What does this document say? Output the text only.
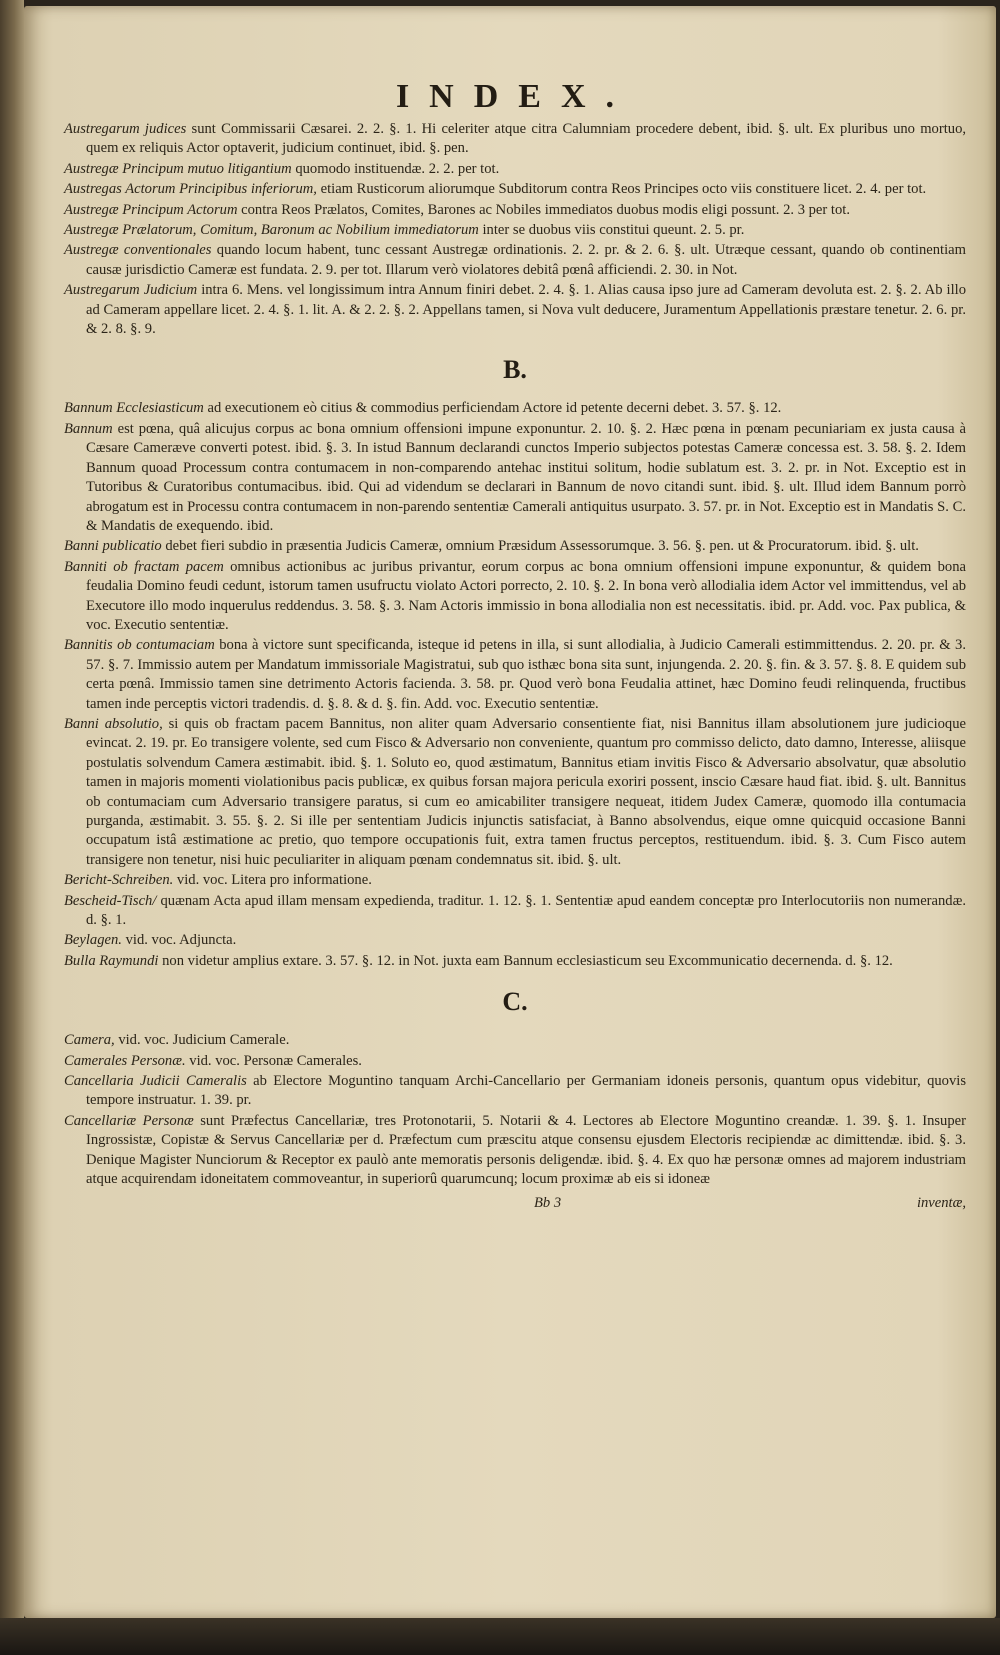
INDEX.

Austregarum judices sunt Commissarii Cæsarei. 2. 2. §. 1. Hi celeriter atque citra Calumniam procedere debent, ibid. §. ult. Ex pluribus uno mortuo, quem ex reliquis Actor optaverit, judicium continuet, ibid. §. pen.

Austregæ Principum mutuo litigantium quomodo instituendæ. 2. 2. per tot.

Austregas Actorum Principibus inferiorum, etiam Rusticorum aliorumque Subditorum contra Reos Principes octo viis constituere licet. 2. 4. per tot.

Austregæ Principum Actorum contra Reos Prælatos, Comites, Barones ac Nobiles immediatos duobus modis eligi possunt. 2. 3 per tot.

Austregæ Prælatorum, Comitum, Baronum ac Nobilium immediatorum inter se duobus viis constitui queunt. 2. 5. pr.

Austregæ conventionales quando locum habent, tunc cessant Austregæ ordinationis. 2. 2. pr. & 2. 6. §. ult. Utræque cessant, quando ob continentiam causæ jurisdictio Cameræ est fundata. 2. 9. per tot. Illarum verò violatores debitâ pœnâ afficiendi. 2. 30. in Not.

Austregarum Judicium intra 6. Mens. vel longissimum intra Annum finiri debet. 2. 4. §. 1. Alias causa ipso jure ad Cameram devoluta est. 2. §. 2. Ab illo ad Cameram appellare licet. 2. 4. §. 1. lit. A. & 2. 2. §. 2. Appellans tamen, si Nova vult deducere, Juramentum Appellationis præstare tenetur. 2. 6. pr. & 2. 8. §. 9.

B.

Bannum Ecclesiasticum ad executionem eò citius & commodius perficiendam Actore id petente decerni debet. 3. 57. §. 12.

Bannum est pœna, quâ alicujus corpus ac bona omnium offensioni impune exponuntur. 2. 10. §. 2. Hæc pœna in pœnam pecuniariam ex justa causa à Cæsare Cameræve converti potest. ibid. §. 3. In istud Bannum declarandi cunctos Imperio subjectos potestas Cameræ concessa est. 3. 58. §. 2. Idem Bannum quoad Processum contra contumacem in non-comparendo antehac institui solitum, hodie sublatum est. 3. 2. pr. in Not. Exceptio est in Tutoribus & Curatoribus contumacibus. ibid. Qui ad videndum se declarari in Bannum de novo citandi sunt. ibid. §. ult. Illud idem Bannum porrò abrogatum est in Processu contra contumacem in non-parendo sententiæ Camerali antiquitus usurpato. 3. 57. pr. in Not. Exceptio est in Mandatis S. C. & Mandatis de exequendo. ibid.

Banni publicatio debet fieri subdio in præsentia Judicis Cameræ, omnium Præsidum Assessorumque. 3. 56. §. pen. ut & Procuratorum. ibid. §. ult.

Banniti ob fractam pacem omnibus actionibus ac juribus privantur, eorum corpus ac bona omnium offensioni impune exponuntur, & quidem bona feudalia Domino feudi cedunt, istorum tamen usufructu violato Actori porrecto, 2. 10. §. 2. In bona verò allodialia idem Actor vel immittendus, vel ab Executore illo modo inquerulus reddendus. 3. 58. §. 3. Nam Actoris immissio in bona allodialia non est necessitatis. ibid. pr. Add. voc. Pax publica, & voc. Executio sententiæ.

Bannitis ob contumaciam bona à victore sunt specificanda, isteque id petens in illa, si sunt allodialia, à Judicio Camerali estimmittendus. 2. 20. pr. & 3. 57. §. 7. Immissio autem per Mandatum immissoriale Magistratui, sub quo isthæc bona sita sunt, injungenda. 2. 20. §. fin. & 3. 57. §. 8. E quidem sub certa pœnâ. Immissio tamen sine detrimento Actoris facienda. 3. 58. pr. Quod verò bona Feudalia attinet, hæc Domino feudi relinquenda, fructibus tamen inde perceptis victori tradendis. d. §. 8. & d. §. fin. Add. voc. Executio sententiæ.

Banni absolutio, si quis ob fractam pacem Bannitus, non aliter quam Adversario consentiente fiat, nisi Bannitus illam absolutionem jure judicioque evincat. 2. 19. pr. Eo transigere volente, sed cum Fisco & Adversario non conveniente, quantum pro commisso delicto, dato damno, Interesse, aliisque postulatis solvendum Camera æstimabit. ibid. §. 1. Soluto eo, quod æstimatum, Bannitus etiam invitis Fisco & Adversario absolvatur, quæ absolutio tamen in majoris momenti violationibus pacis publicæ, ex quibus forsan majora pericula exoriri possent, inscio Cæsare haud fiat. ibid. §. ult. Bannitus ob contumaciam cum Adversario transigere paratus, si cum eo amicabiliter transigere nequeat, itidem Judex Cameræ, quomodo illa contumacia purganda, æstimabit. 3. 55. §. 2. Si ille per sententiam Judicis injunctis satisfaciat, à Banno absolvendus, eique omne quicquid occasione Banni occupatum istâ æstimatione ac pretio, quo tempore occupationis fuit, extra tamen fructus perceptos, restituendum. ibid. §. 3. Cum Fisco autem transigere non tenetur, nisi huic peculiariter in aliquam pœnam condemnatus sit. ibid. §. ult.

Bericht-Schreiben. vid. voc. Litera pro informatione.

Bescheid-Tisch/ quænam Acta apud illam mensam expedienda, traditur. 1. 12. §. 1. Sententiæ apud eandem conceptæ pro Interlocutoriis non numerandæ. d. §. 1.

Beylagen. vid. voc. Adjuncta.

Bulla Raymundi non videtur amplius extare. 3. 57. §. 12. in Not. juxta eam Bannum ecclesiasticum seu Excommunicatio decernenda. d. §. 12.

C.

Camera, vid. voc. Judicium Camerale.

Camerales Personæ. vid. voc. Personæ Camerales.

Cancellaria Judicii Cameralis ab Electore Moguntino tanquam Archi-Cancellario per Germaniam idoneis personis, quantum opus videbitur, quovis tempore instruatur. 1. 39. pr.

Cancellariæ Personæ sunt Præfectus Cancellariæ, tres Protonotarii, 5. Notarii & 4. Lectores ab Electore Moguntino creandæ. 1. 39. §. 1. Insuper Ingrossistæ, Copistæ & Servus Cancellariæ per d. Præfectum cum præscitu atque consensu ejusdem Electoris recipiendæ ac dimittendæ. ibid. §. 3. Denique Magister Nunciorum & Receptor ex paulò ante memoratis personis deligendæ. ibid. §. 4. Ex quo hæ personæ omnes ad majorem industriam atque acquirendam idoneitatem commoveantur, in superiorû quarumcunq; locum proximæ ab eis si idoneæ

Bb 3	inventæ,
